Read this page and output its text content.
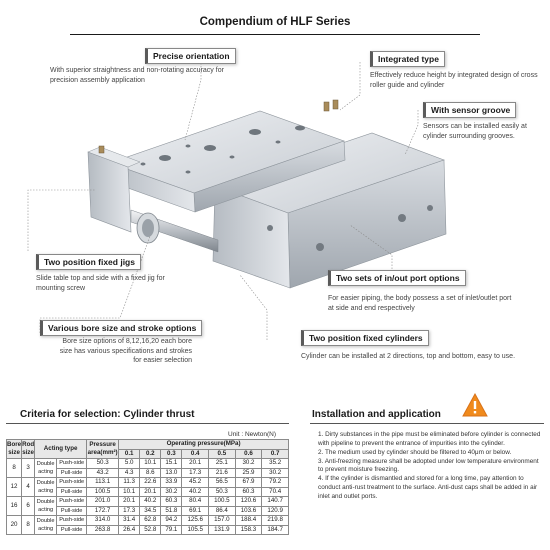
Compendium of HLF Series
Precise orientation
With superior straightness and non-rotating accuracy for precision assembly application
Integrated type
Effectively reduce height by integrated design of cross roller guide and cylinder
With sensor groove
Sensors can be installed easily at cylinder surrounding grooves.
Two position fixed jigs
Slide table top and side with a fixed jig for mounting screw
Two sets of in/out port options
For easier piping, the body possess a set of inlet/outlet port at side and end respectively
Various bore size and stroke options
Bore size options of 8,12,16,20 each bore size has various specifications and strokes for easier selection
Two position fixed cylinders
Cylinder can be installed at 2 directions, top and bottom, easy to use.
Criteria for selection: Cylinder thrust
Unit : Newton(N)
Bore size	Rod size	Acting type		Pressure area(mm²)	Operating pressure(MPa)						
					0.1	0.2	0.3	0.4	0.5	0.6	0.7
8	3	Double acting	Push-side	50.3	5.0	10.1	15.1	20.1	25.1	30.2	35.2
			Pull-side	43.2	4.3	8.6	13.0	17.3	21.6	25.9	30.2
12	4	Double acting	Push-side	113.1	11.3	22.6	33.9	45.2	56.5	67.9	79.2
			Pull-side	100.5	10.1	20.1	30.2	40.2	50.3	60.3	70.4
16	6	Double acting	Push-side	201.0	20.1	40.2	60.3	80.4	100.5	120.6	140.7
			Pull-side	172.7	17.3	34.5	51.8	69.1	86.4	103.6	120.9
20	8	Double acting	Push-side	314.0	31.4	62.8	94.2	125.6	157.0	188.4	219.8
			Pull-side	263.8	26.4	52.8	79.1	105.5	131.9	158.3	184.7
Installation and application
1. Dirty substances in the pipe must be eliminated before cylinder is connected with pipeline to prevent the entrance of impurities into the cylinder.
2. The medium used by cylinder should be filtered to 40μm or below.
3. Anti-freezing measure shall be adopted under low temperature environment to prevent moisture freezing.
4. If the cylinder is dismantled and stored for a long time, pay attention to conduct anti-rust treatment to the surface. Anti-dust caps shall be added in air inlet and outlet ports.
